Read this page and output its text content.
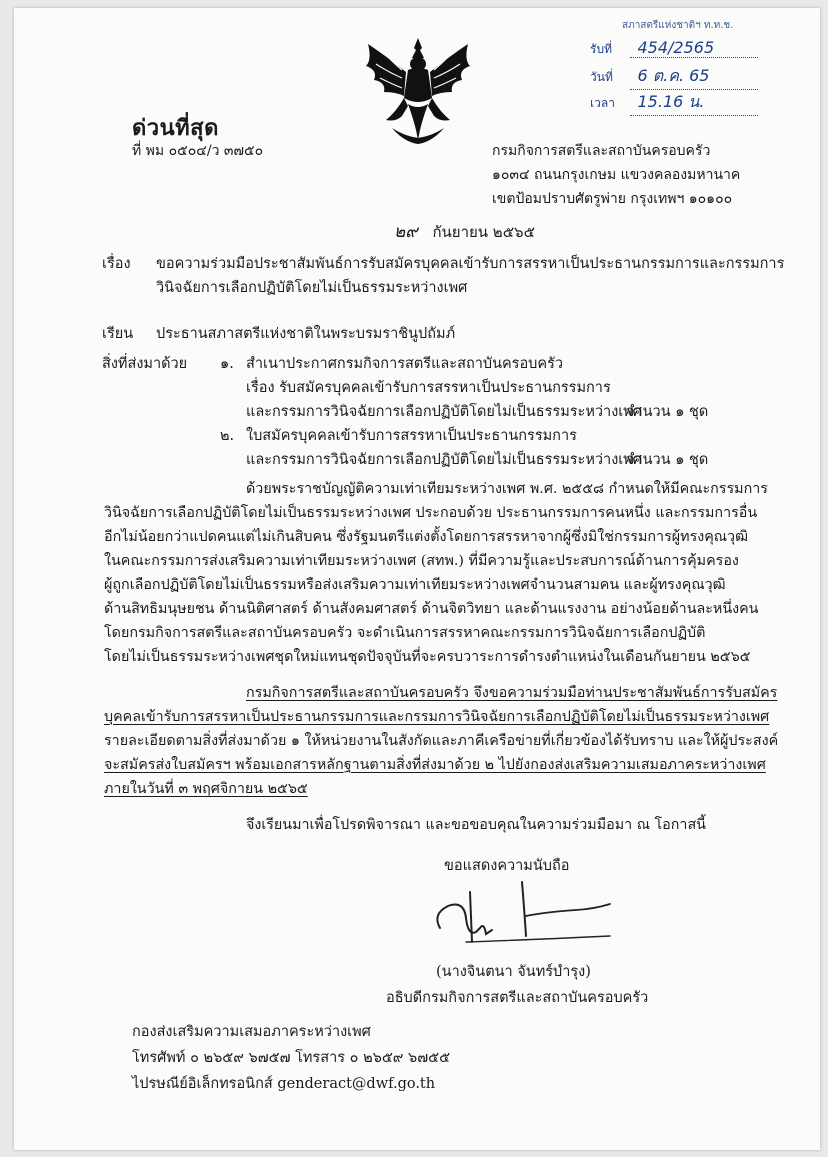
สภาสตรีแห่งชาติฯ ท.ท.ช.
รับที่ 454/2565
วันที่ 6 ต.ค. 65
เวลา 15.16 น.
ด่วนที่สุด
ที่ พม ๐๕๐๔/ว ๓๗๕๐	กรมกิจการสตรีและสถาบันครอบครัว
๑๐๓๔ ถนนกรุงเกษม แขวงคลองมหานาค
เขตป้อมปราบศัตรูพ่าย กรุงเทพฯ ๑๐๑๐๐
๒๙ กันยายน ๒๕๖๕
เรื่อง ขอความร่วมมือประชาสัมพันธ์การรับสมัครบุคคลเข้ารับการสรรหาเป็นประธานกรรมการและกรรมการ
วินิจฉัยการเลือกปฏิบัติโดยไม่เป็นธรรมระหว่างเพศ
เรียน ประธานสภาสตรีแห่งชาติในพระบรมราชินูปถัมภ์
สิ่งที่ส่งมาด้วย ๑. สำเนาประกาศกรมกิจการสตรีและสถาบันครอบครัว
เรื่อง รับสมัครบุคคลเข้ารับการสรรหาเป็นประธานกรรมการ
และกรรมการวินิจฉัยการเลือกปฏิบัติโดยไม่เป็นธรรมระหว่างเพศ
จำนวน ๑ ชุด
๒. ใบสมัครบุคคลเข้ารับการสรรหาเป็นประธานกรรมการ
และกรรมการวินิจฉัยการเลือกปฏิบัติโดยไม่เป็นธรรมระหว่างเพศ
จำนวน ๑ ชุด
ด้วยพระราชบัญญัติความเท่าเทียมระหว่างเพศ พ.ศ. ๒๕๕๘ กำหนดให้มีคณะกรรมการ
วินิจฉัยการเลือกปฏิบัติโดยไม่เป็นธรรมระหว่างเพศ ประกอบด้วย ประธานกรรมการคนหนึ่ง และกรรมการอื่น
อีกไม่น้อยกว่าแปดคนแต่ไม่เกินสิบคน ซึ่งรัฐมนตรีแต่งตั้งโดยการสรรหาจากผู้ซึ่งมิใช่กรรมการผู้ทรงคุณวุฒิ
ในคณะกรรมการส่งเสริมความเท่าเทียมระหว่างเพศ (สทพ.) ที่มีความรู้และประสบการณ์ด้านการคุ้มครอง
ผู้ถูกเลือกปฏิบัติโดยไม่เป็นธรรมหรือส่งเสริมความเท่าเทียมระหว่างเพศจำนวนสามคน และผู้ทรงคุณวุฒิ
ด้านสิทธิมนุษยชน ด้านนิติศาสตร์ ด้านสังคมศาสตร์ ด้านจิตวิทยา และด้านแรงงาน อย่างน้อยด้านละหนึ่งคน
โดยกรมกิจการสตรีและสถาบันครอบครัว จะดำเนินการสรรหาคณะกรรมการวินิจฉัยการเลือกปฏิบัติ
โดยไม่เป็นธรรมระหว่างเพศชุดใหม่แทนชุดปัจจุบันที่จะครบวาระการดำรงตำแหน่งในเดือนกันยายน ๒๕๖๕
กรมกิจการสตรีและสถาบันครอบครัว จึงขอความร่วมมือท่านประชาสัมพันธ์การรับสมัคร
บุคคลเข้ารับการสรรหาเป็นประธานกรรมการและกรรมการวินิจฉัยการเลือกปฏิบัติโดยไม่เป็นธรรมระหว่างเพศ
รายละเอียดตามสิ่งที่ส่งมาด้วย ๑ ให้หน่วยงานในสังกัดและภาคีเครือข่ายที่เกี่ยวข้องได้รับทราบ และให้ผู้ประสงค์
จะสมัครส่งใบสมัครฯ พร้อมเอกสารหลักฐานตามสิ่งที่ส่งมาด้วย ๒ ไปยังกองส่งเสริมความเสมอภาคระหว่างเพศ
ภายในวันที่ ๓ พฤศจิกายน ๒๕๖๕
จึงเรียนมาเพื่อโปรดพิจารณา และขอขอบคุณในความร่วมมือมา ณ โอกาสนี้
ขอแสดงความนับถือ
(นางจินตนา จันทร์บำรุง)
อธิบดีกรมกิจการสตรีและสถาบันครอบครัว
กองส่งเสริมความเสมอภาคระหว่างเพศ
โทรศัพท์ ๐ ๒๖๕๙ ๖๗๕๗ โทรสาร ๐ ๒๖๕๙ ๖๗๕๕
ไปรษณีย์อิเล็กทรอนิกส์ genderact@dwf.go.th
